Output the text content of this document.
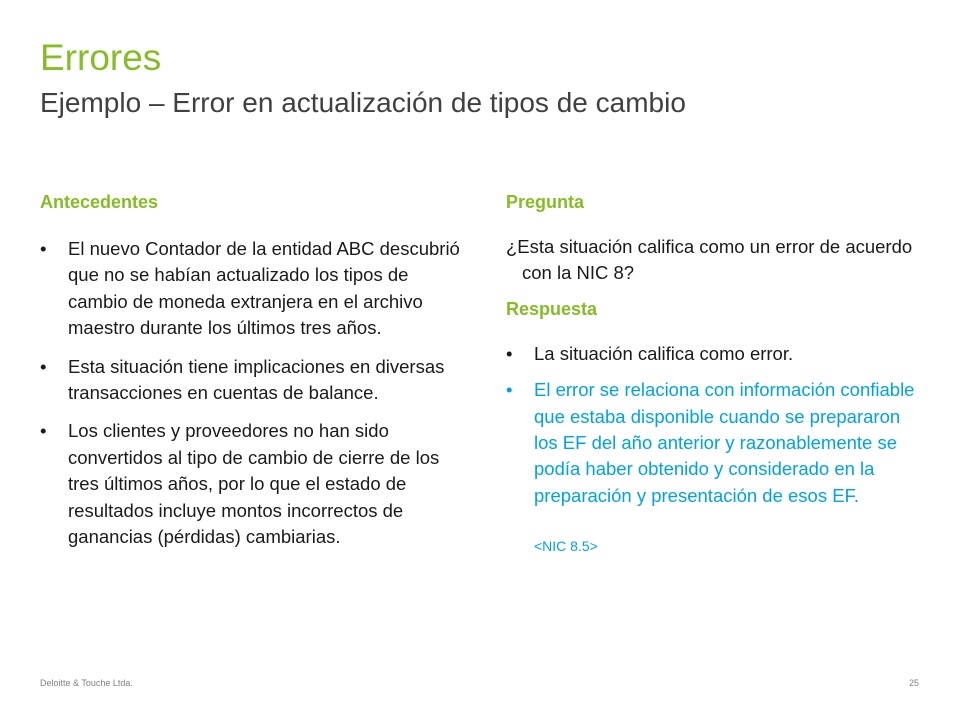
Errores
Ejemplo – Error en actualización de tipos de cambio
Antecedentes
• El nuevo Contador de la entidad ABC descubrió que no se habían actualizado los tipos de cambio de moneda extranjera en el archivo maestro durante los últimos tres años.
• Esta situación tiene implicaciones en diversas transacciones en cuentas de balance.
• Los clientes y proveedores no han sido convertidos al tipo de cambio de cierre de los tres últimos años, por lo que el estado de resultados incluye montos incorrectos de ganancias (pérdidas) cambiarias.
Pregunta

¿Esta situación califica como un error de acuerdo con la NIC 8?

Respuesta
• La situación califica como error.
• El error se relaciona con información confiable que estaba disponible cuando se prepararon los EF del año anterior y razonablemente se podía haber obtenido y considerado en la preparación y presentación de esos EF.
<NIC 8.5>
Deloitte & Touche Ltda.	25
